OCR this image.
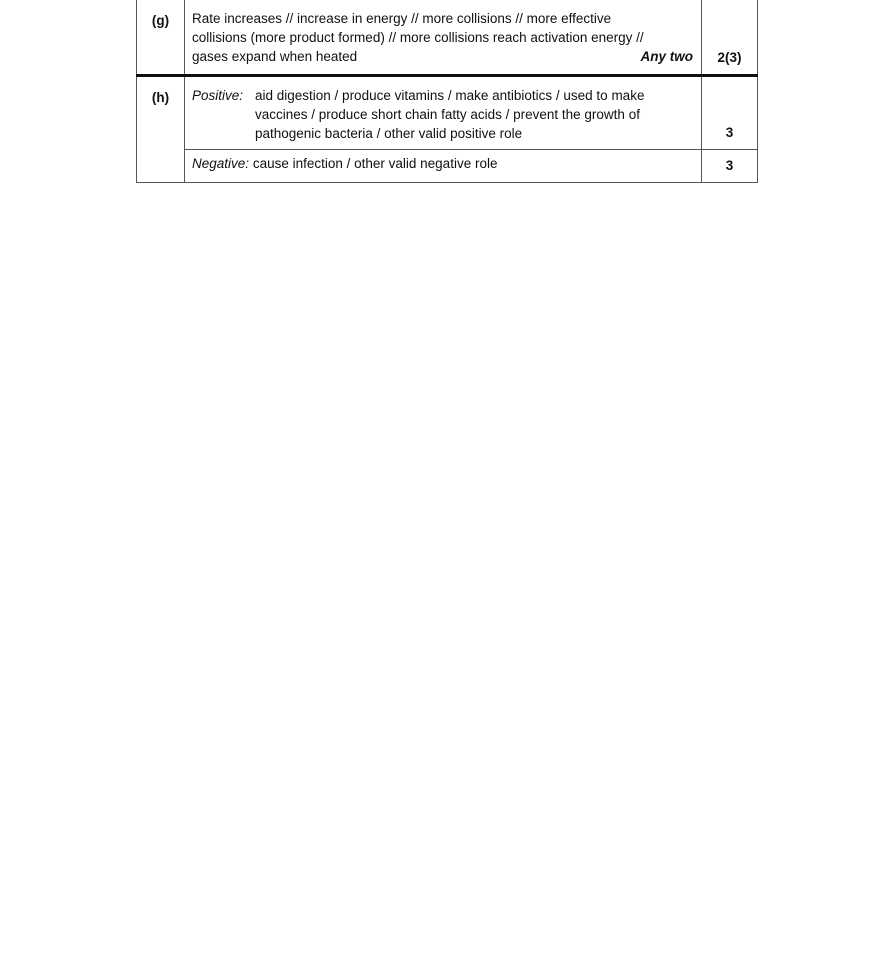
(g)	Rate increases // increase in energy // more collisions // more effective
collisions (more product formed) // more collisions reach activation energy //
Any two
gases expand when heated	2(3)
(h)	Positive: aid digestion / produce vitamins / make antibiotics / used to make
vaccines / produce short chain fatty acids / prevent the growth of
pathogenic bacteria / other valid positive role	3
	Negative: cause infection / other valid negative role	3
